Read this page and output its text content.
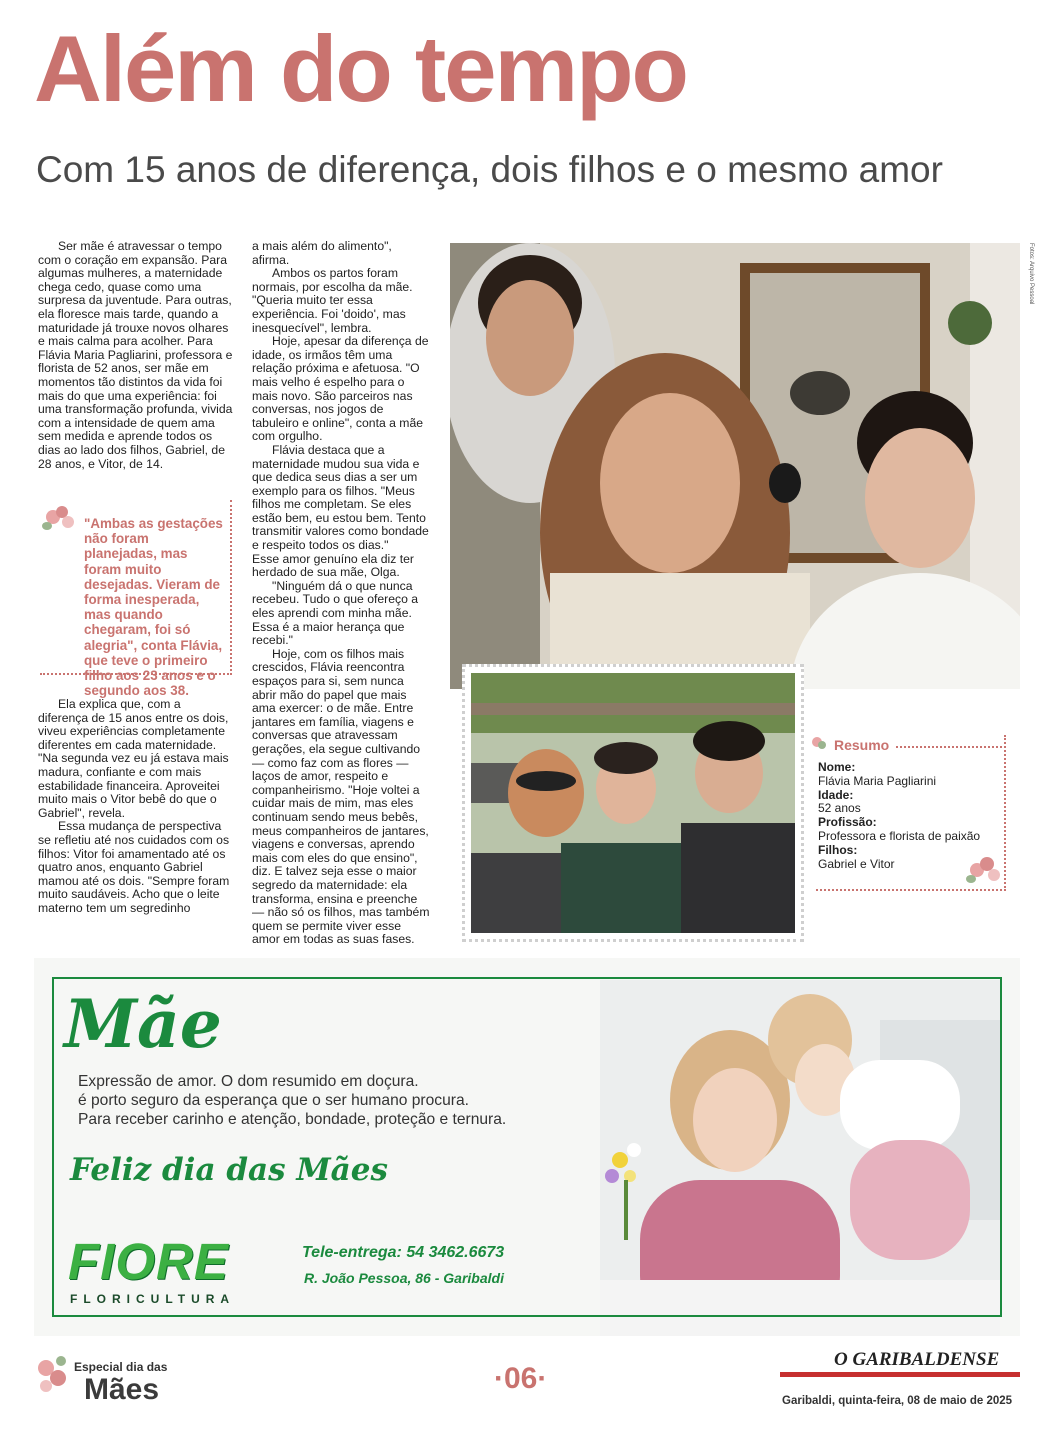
Além do tempo
Com 15 anos de diferença, dois filhos e o mesmo amor

Ser mãe é atravessar o tempo com o coração em expansão. Para algumas mulheres, a maternidade chega cedo, quase como uma surpresa da juventude. Para outras, ela floresce mais tarde, quando a maturidade já trouxe novos olhares e mais calma para acolher. Para Flávia Maria Pagliarini, professora e florista de 52 anos, ser mãe em momentos tão distintos da vida foi mais do que uma experiência: foi uma transformação profunda, vivida com a intensidade de quem ama sem medida e aprende todos os dias ao lado dos filhos, Gabriel, de 28 anos, e Vitor, de 14.

"Ambas as gestações não foram planejadas, mas foram muito desejadas. Vieram de forma inesperada, mas quando chegaram, foi só alegria", conta Flávia, que teve o primeiro filho aos 23 anos e o segundo aos 38.

Ela explica que, com a diferença de 15 anos entre os dois, viveu experiências completamente diferentes em cada maternidade. "Na segunda vez eu já estava mais madura, confiante e com mais estabilidade financeira. Aproveitei muito mais o Vitor bebê do que o Gabriel", revela.

Essa mudança de perspectiva se refletiu até nos cuidados com os filhos: Vitor foi amamentado até os quatro anos, enquanto Gabriel mamou até os dois. "Sempre foram muito saudáveis. Acho que o leite materno tem um segredinho

a mais além do alimento", afirma.

Ambos os partos foram normais, por escolha da mãe. "Queria muito ter essa experiência. Foi 'doido', mas inesquecível", lembra.

Hoje, apesar da diferença de idade, os irmãos têm uma relação próxima e afetuosa. "O mais velho é espelho para o mais novo. São parceiros nas conversas, nos jogos de tabuleiro e online", conta a mãe com orgulho.

Flávia destaca que a maternidade mudou sua vida e que dedica seus dias a ser um exemplo para os filhos. "Meus filhos me completam. Se eles estão bem, eu estou bem. Tento transmitir valores como bondade e respeito todos os dias."

Esse amor genuíno ela diz ter herdado de sua mãe, Olga.

"Ninguém dá o que nunca recebeu. Tudo o que ofereço a eles aprendi com minha mãe. Essa é a maior herança que recebi."

Hoje, com os filhos mais crescidos, Flávia reencontra espaços para si, sem nunca abrir mão do papel que mais ama exercer: o de mãe. Entre jantares em família, viagens e conversas que atravessam gerações, ela segue cultivando — como faz com as flores — laços de amor, respeito e companheirismo. "Hoje voltei a cuidar mais de mim, mas eles continuam sendo meus bebês, meus companheiros de jantares, viagens e conversas, aprendo mais com eles do que ensino", diz. E talvez seja esse o maior segredo da maternidade: ela transforma, ensina e preenche — não só os filhos, mas também quem se permite viver esse amor em todas as suas fases.

Fotos: Arquivo Pessoal
Resumo
Nome:
Flávia Maria Pagliarini
Idade:
52 anos
Profissão:
Professora e florista de paixão
Filhos:
Gabriel e Vitor
Mãe
Expressão de amor. O dom resumido em doçura.
é porto seguro da esperança que o ser humano procura.
Para receber carinho e atenção, bondade, proteção e ternura.
Feliz dia das Mães
FIORE
FLORICULTURA
Tele-entrega: 54 3462.6673
R. João Pessoa, 86 - Garibaldi
Especial dia das
Mães	·06·
O GARIBALDENSE
Garibaldi, quinta-feira, 08 de maio de 2025
